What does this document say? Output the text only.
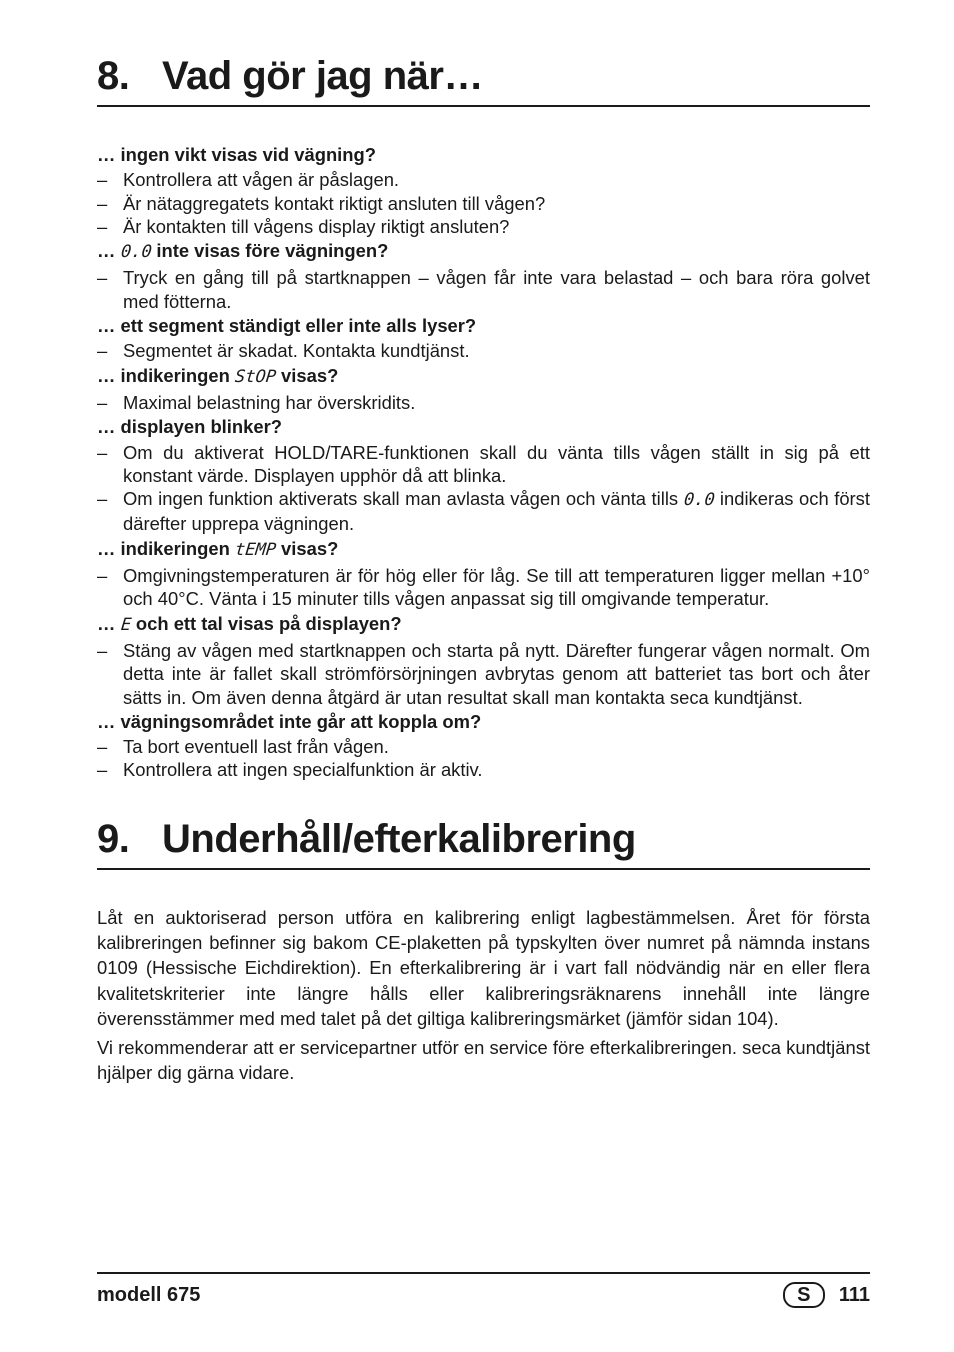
8. Vad gör jag när…

… ingen vikt visas vid vägning?

– Kontrollera att vågen är påslagen.
– Är nätaggregatets kontakt riktigt ansluten till vågen?
– Är kontakten till vågens display riktigt ansluten?

… 0.0 inte visas före vägningen?

– Tryck en gång till på startknappen – vågen får inte vara belastad – och bara röra golvet med fötterna.

… ett segment ständigt eller inte alls lyser?

– Segmentet är skadat. Kontakta kundtjänst.

… indikeringen StOP visas?

– Maximal belastning har överskridits.

… displayen blinker?

– Om du aktiverat HOLD/TARE-funktionen skall du vänta tills vågen ställt in sig på ett konstant värde. Displayen upphör då att blinka.
– Om ingen funktion aktiverats skall man avlasta vågen och vänta tills 0.0 indikeras och först därefter upprepa vägningen.

… indikeringen tEMP visas?

– Omgivningstemperaturen är för hög eller för låg. Se till att temperaturen ligger mellan +10° och 40°C. Vänta i 15 minuter tills vågen anpassat sig till omgivande temperatur.

… E och ett tal visas på displayen?

– Stäng av vågen med startknappen och starta på nytt. Därefter fungerar vågen normalt. Om detta inte är fallet skall strömförsörjningen avbrytas genom att batteriet tas bort och åter sätts in. Om även denna åtgärd är utan resultat skall man kontakta seca kundtjänst.

… vägningsområdet inte går att koppla om?

– Ta bort eventuell last från vågen.
– Kontrollera att ingen specialfunktion är aktiv.
9. Underhåll/efterkalibrering

Låt en auktoriserad person utföra en kalibrering enligt lagbestämmelsen. Året för första kalibreringen befinner sig bakom CE-plaketten på typskylten över numret på nämnda instans 0109 (Hessische Eichdirektion). En efterkalibrering är i vart fall nödvändig när en eller flera kvalitetskriterier inte längre hålls eller kalibreringsräknarens innehåll inte längre överensstämmer med med talet på det giltiga kalibreringsmärket (jämför sidan 104).

Vi rekommenderar att er servicepartner utför en service före efterkalibreringen. seca kundtjänst hjälper dig gärna vidare.

modell 675	S	111
